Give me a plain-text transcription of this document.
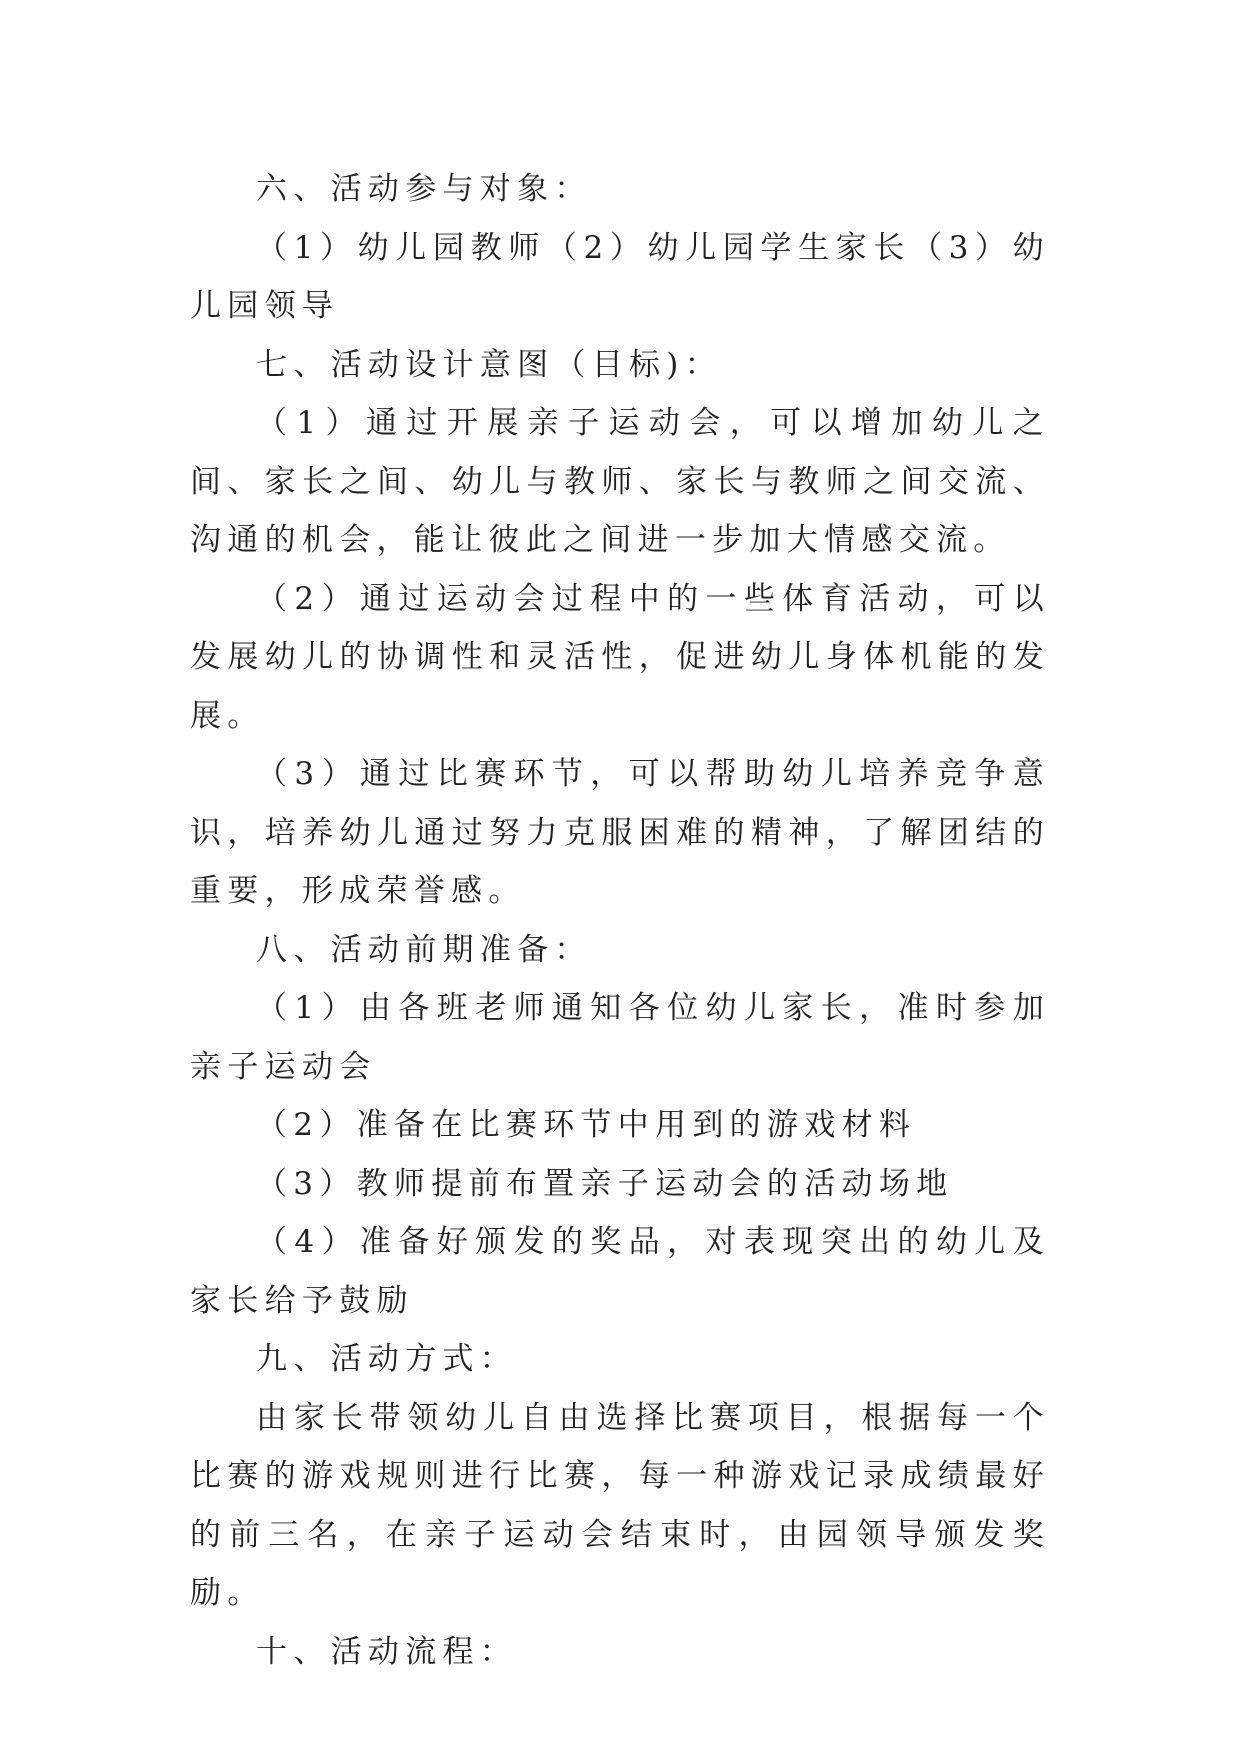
六、活动参与对象：

（1）幼儿园教师（2）幼儿园学生家长（3）幼儿园领导

七、活动设计意图（目标)：

（1）通过开展亲子运动会，可以增加幼儿之间、家长之间、幼儿与教师、家长与教师之间交流、沟通的机会，能让彼此之间进一步加大情感交流。

（2）通过运动会过程中的一些体育活动，可以发展幼儿的协调性和灵活性，促进幼儿身体机能的发展。

（3）通过比赛环节，可以帮助幼儿培养竞争意识，培养幼儿通过努力克服困难的精神，了解团结的重要，形成荣誉感。

八、活动前期准备：

（1）由各班老师通知各位幼儿家长，准时参加亲子运动会

（2）准备在比赛环节中用到的游戏材料

（3）教师提前布置亲子运动会的活动场地

（4）准备好颁发的奖品，对表现突出的幼儿及家长给予鼓励

九、活动方式：

由家长带领幼儿自由选择比赛项目，根据每一个比赛的游戏规则进行比赛，每一种游戏记录成绩最好的前三名，在亲子运动会结束时，由园领导颁发奖励。

十、活动流程：
